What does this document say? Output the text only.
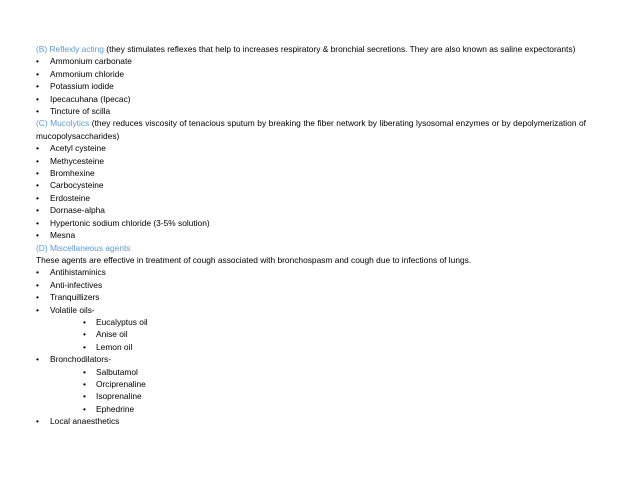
(B) Reflexly acting (they stimulates reflexes that help to increases respiratory & bronchial secretions. They are also known as saline expectorants)

• Ammonium carbonate
• Ammonium chloride
• Potassium iodide
• Ipecacuhana (Ipecac)
• Tincture of scilla

(C) Mucolytics (they reduces viscosity of tenacious sputum by breaking the fiber network by liberating lysosomal enzymes or by depolymerization of mucopolysaccharides)

• Acetyl cysteine
• Methycesteine
• Bromhexine
• Carbocysteine
• Erdosteine
• Dornase-alpha
• Hypertonic sodium chloride (3-5% solution)
• Mesna

(D) Miscellaneous agents

These agents are effective in treatment of cough associated with bronchospasm and cough due to infections of lungs.

• Antihistaminics
• Anti-infectives
• Tranquillizers
• Volatile oils-
• Eucalyptus oil
• Anise oil
• Lemon oil
• Bronchodilators-
• Salbutamol
• Orciprenaline
• Isoprenaline
• Ephedrine
• Local anaesthetics
